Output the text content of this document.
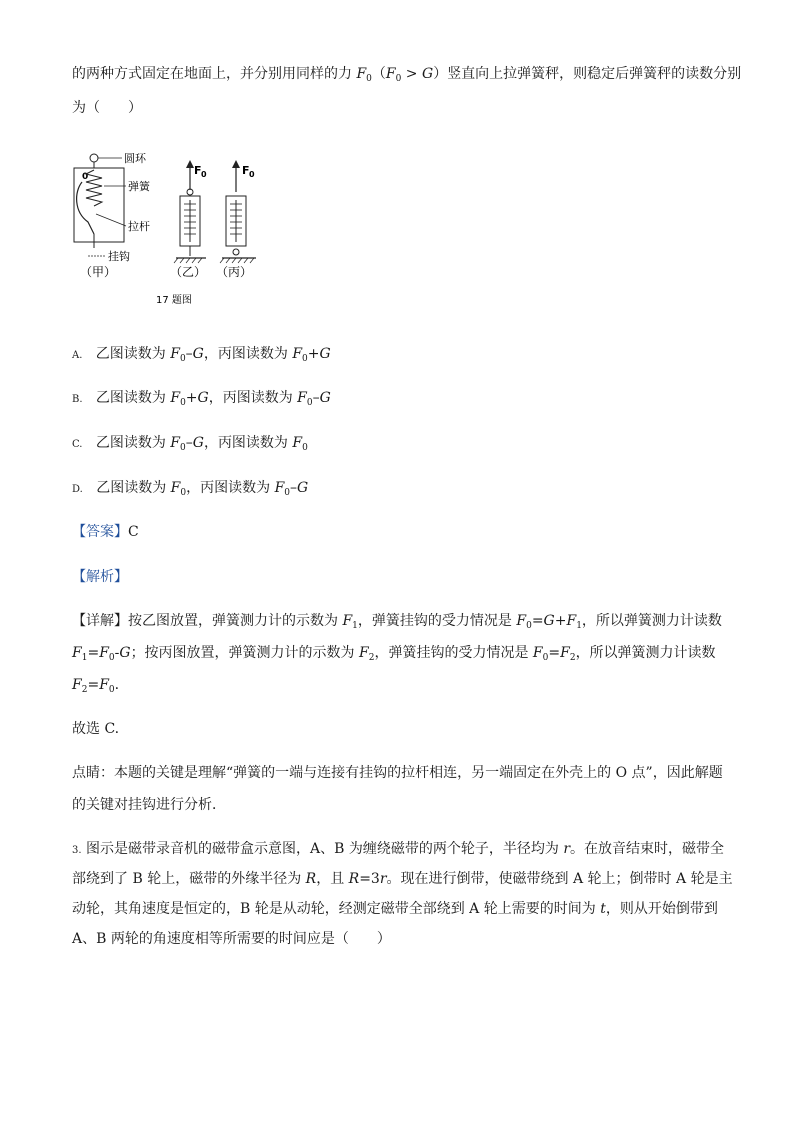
的两种方式固定在地面上，并分别用同样的力 $F_0(F_0 > G)$竖直向上拉弹簧秤，则稳定后弹簧秤的读数分别
为（　　）
圆环
0
弹簧
拉杆
挂钩
（甲）
F 0
（乙）
F 0
（丙）
17 题图
A. 乙图读数为 $F_0-G$，丙图读数为 $F_0+G$
B. 乙图读数为 $F_0+G$，丙图读数为 $F_0-G$
C. 乙图读数为 $F_0-G$，丙图读数为 $F_0$
D. 乙图读数为 $F_0$，丙图读数为 $F_0-G$
【答案】C
【解析】
【详解】按乙图放置，弹簧测力计的示数为 $F_1$，弹簧挂钩的受力情况是 $F_0=G+F_1$，所以弹簧测力计读数
$F_1=F_0-G$；按丙图放置，弹簧测力计的示数为 $F_2$，弹簧挂钩的受力情况是 $F_0=F_2$，所以弹簧测力计读数
$F_2=F_0$.
故选 C.
点睛：本题的关键是理解“弹簧的一端与连接有挂钩的拉杆相连，另一端固定在外壳上的 O 点”，因此解题
的关键对挂钩进行分析．
3. 图示是磁带录音机的磁带盒示意图，A、B 为缠绕磁带的两个轮子，半径均为 r。在放音结束时，磁带全
部绕到了 B 轮上，磁带的外缘半径为 R，且 R=3r。现在进行倒带，使磁带绕到 A 轮上；倒带时 A 轮是主
动轮，其角速度是恒定的，B 轮是从动轮，经测定磁带全部绕到 A 轮上需要的时间为 t，则从开始倒带到
A、B 两轮的角速度相等所需要的时间应是（　　）
